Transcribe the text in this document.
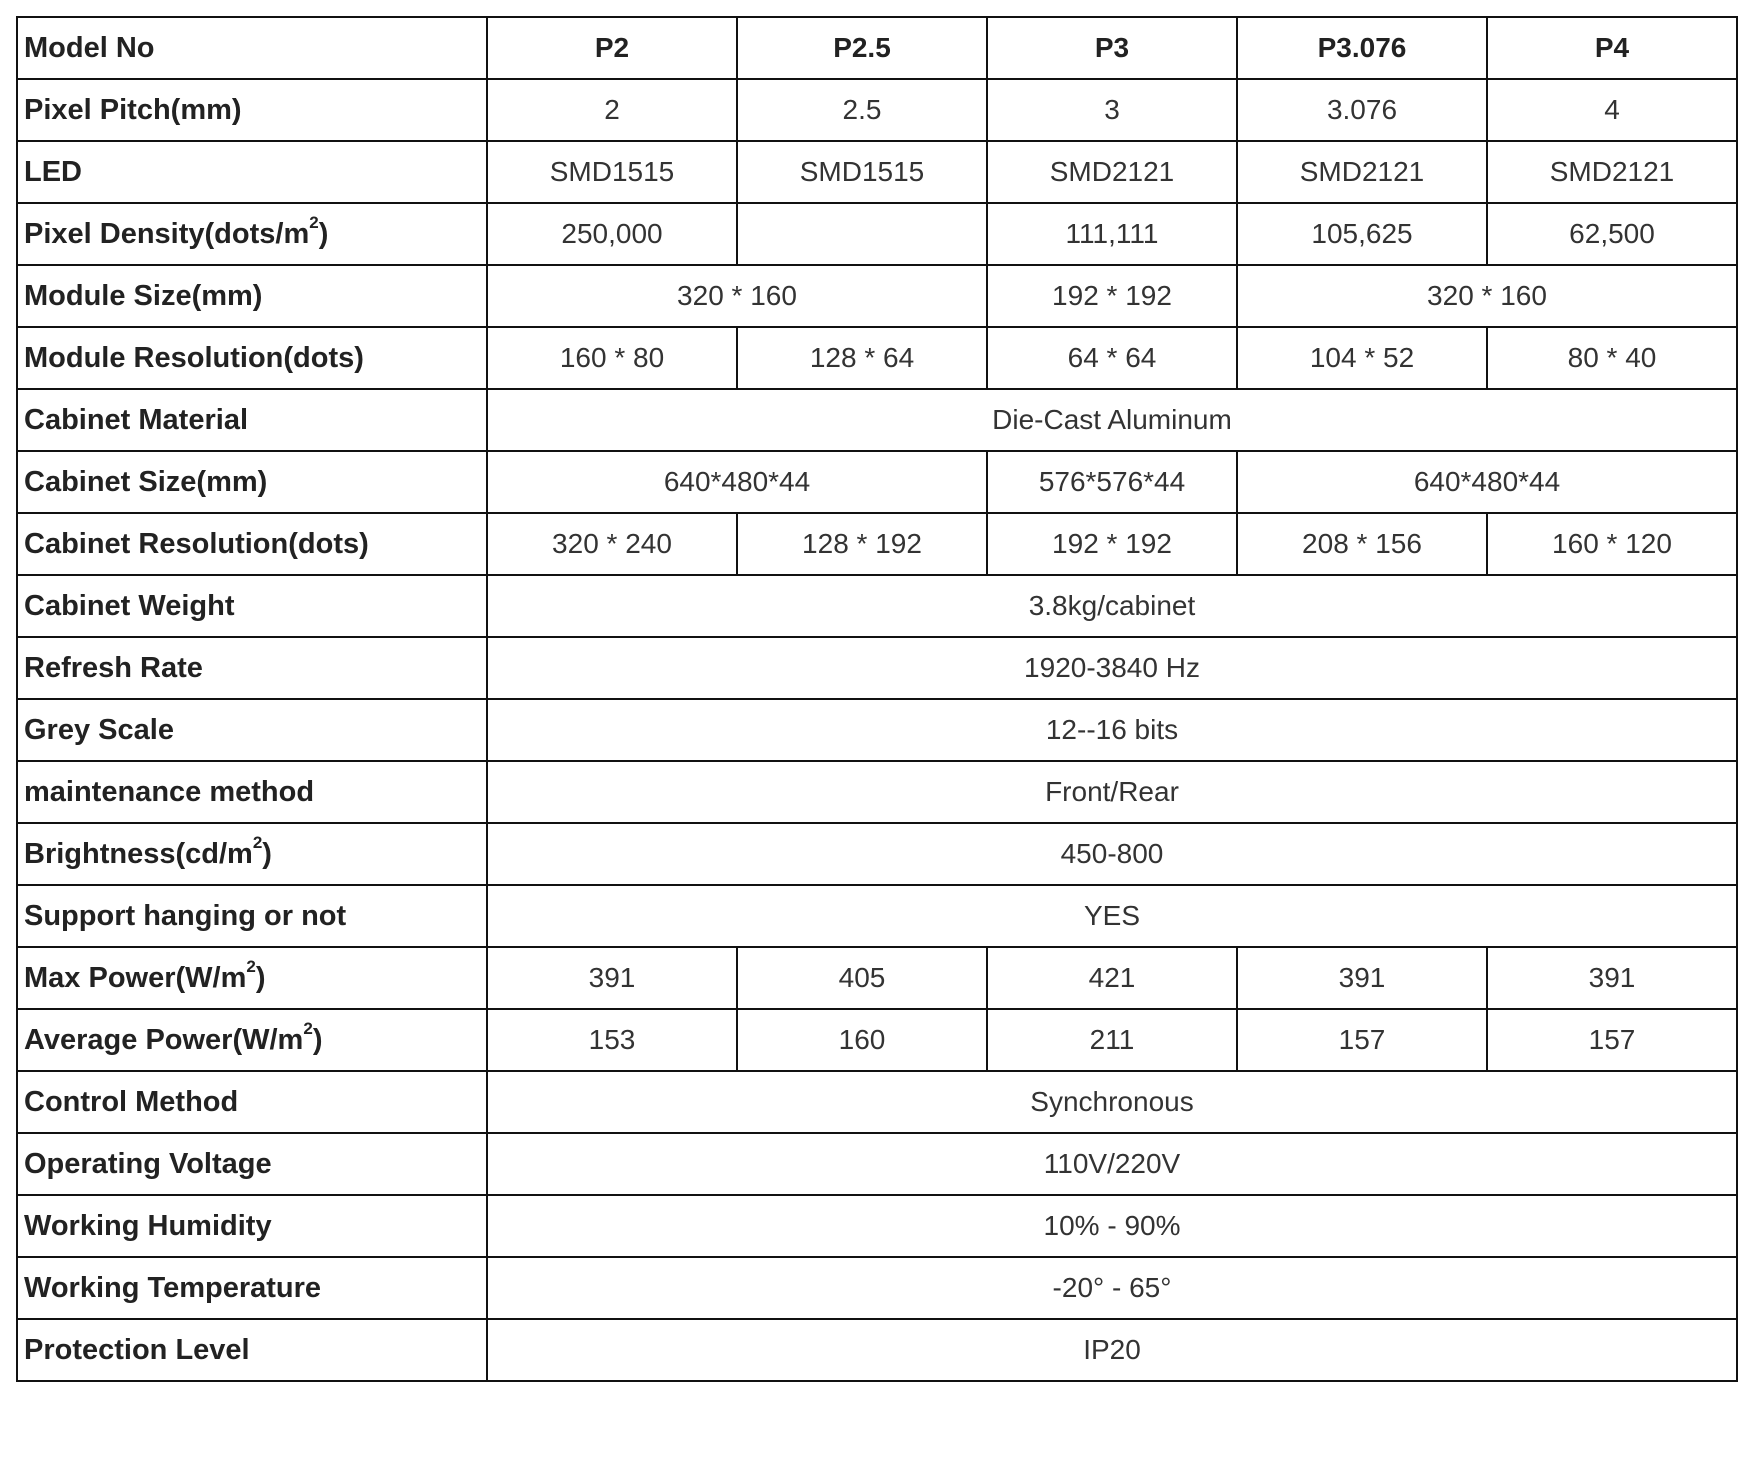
Model No	P2	P2.5	P3	P3.076	P4
Pixel Pitch(mm)	2	2.5	3	3.076	4
LED	SMD1515	SMD1515	SMD2121	SMD2121	SMD2121
Pixel $Density(dots/m^2)$	250,000		111,111	105,625	62,500
Module Size(mm)	320 * 160		192 * 192	320 * 160	
Module Resolution(dots)	160 * 80	128 * 64	64 * 64	104 * 52	80 * 40
Cabinet Material	Die-Cast Aluminum				
Cabinet Size(mm)	640*480*44		576*576*44	640*480*44	
Cabinet Resolution(dots)	320 * 240	128 * 192	192 * 192	208 * 156	160 * 120
Cabinet Weight	3.8kg/cabinet				
Refresh Rate	1920-3840 Hz				
Grey Scale	12--16 bits				
maintenance method	Front/Rear				
$Brightness(cd/m^2)$	450-800				
Support hanging or not	YES				
Max $Power(W/m^2)$	391	405	421	391	391
Average $Power(W/m^2)$	153	160	211	157	157
Control Method	Synchronous				
Operating Voltage	110V/220V				
Working Humidity	10% - 90%				
Working Temperature	-20° - 65°				
Protection Level	IP20				
